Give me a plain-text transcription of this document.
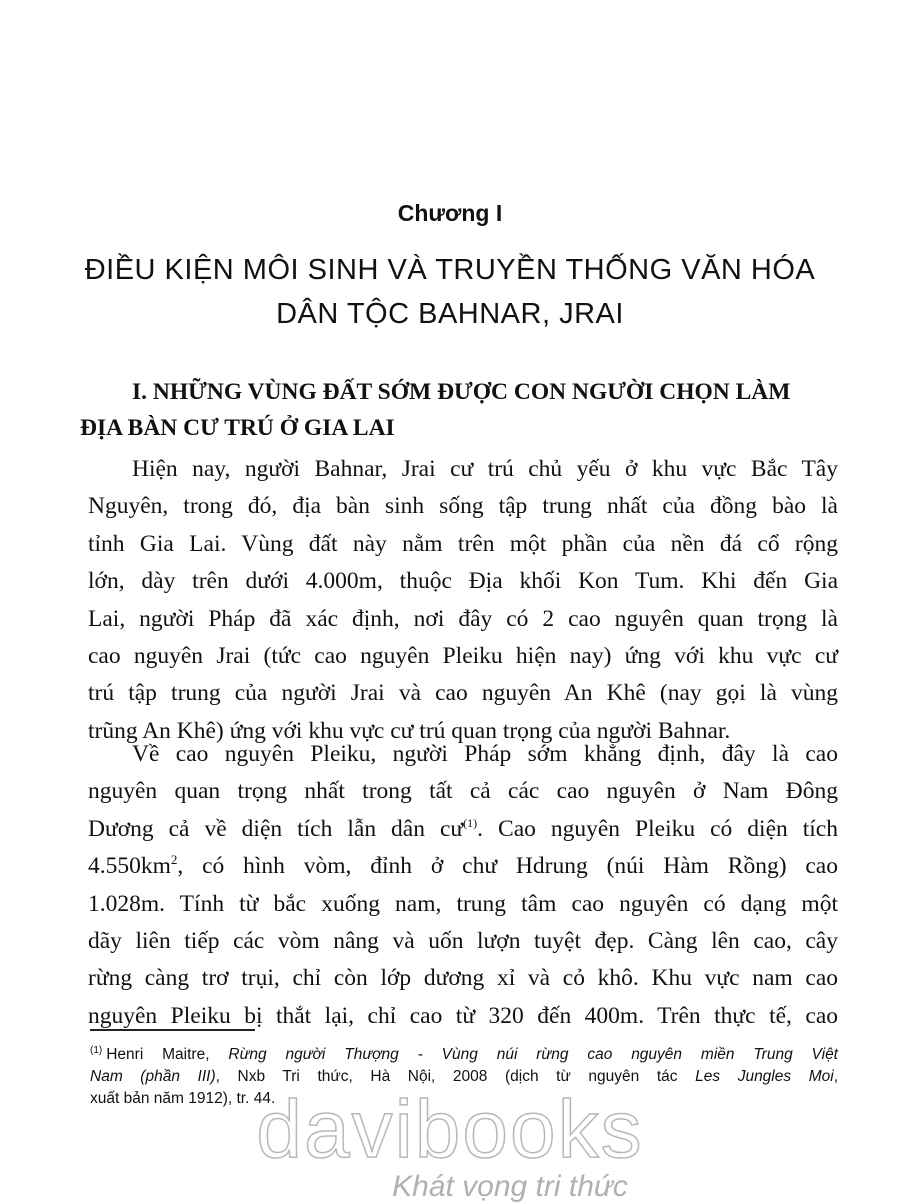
Chương I
ĐIỀU KIỆN MÔI SINH VÀ TRUYỀN THỐNG VĂN HÓA
DÂN TỘC BAHNAR, JRAI
I. NHỮNG VÙNG ĐẤT SỚM ĐƯỢC CON NGƯỜI CHỌN LÀM
ĐỊA BÀN CƯ TRÚ Ở GIA LAI
Hiện nay, người Bahnar, Jrai cư trú chủ yếu ở khu vực Bắc Tây
Nguyên, trong đó, địa bàn sinh sống tập trung nhất của đồng bào là
tỉnh Gia Lai. Vùng đất này nằm trên một phần của nền đá cổ rộng
lớn, dày trên dưới 4.000m, thuộc Địa khối Kon Tum. Khi đến Gia
Lai, người Pháp đã xác định, nơi đây có 2 cao nguyên quan trọng là
cao nguyên Jrai (tức cao nguyên Pleiku hiện nay) ứng với khu vực cư
trú tập trung của người Jrai và cao nguyên An Khê (nay gọi là vùng
trũng An Khê) ứng với khu vực cư trú quan trọng của người Bahnar.
Về cao nguyên Pleiku, người Pháp sớm khẳng định, đây là cao
nguyên quan trọng nhất trong tất cả các cao nguyên ở Nam Đông
Dương cả về diện tích lẫn dân cư$^{(1)}$. Cao nguyên Pleiku có diện tích
$4.550km^2$, có hình vòm, đỉnh ở chư Hdrung (núi Hàm Rồng) cao
1.028m. Tính từ bắc xuống nam, trung tâm cao nguyên có dạng một
dãy liên tiếp các vòm nâng và uốn lượn tuyệt đẹp. Càng lên cao, cây
rừng càng trơ trụi, chỉ còn lớp dương xỉ và cỏ khô. Khu vực nam cao
nguyên Pleiku bị thắt lại, chỉ cao từ 320 đến 400m. Trên thực tế, cao
$^{(1)}$ Henri Maitre, Rừng người Thượng - Vùng núi rừng cao nguyên miền Trung Việt
Nam (phần III), Nxb Tri thức, Hà Nội, 2008 (dịch từ nguyên tác Les Jungles Moi,
xuất bản năm 1912), tr. 44.
davibooks
Khát vọng tri thức
